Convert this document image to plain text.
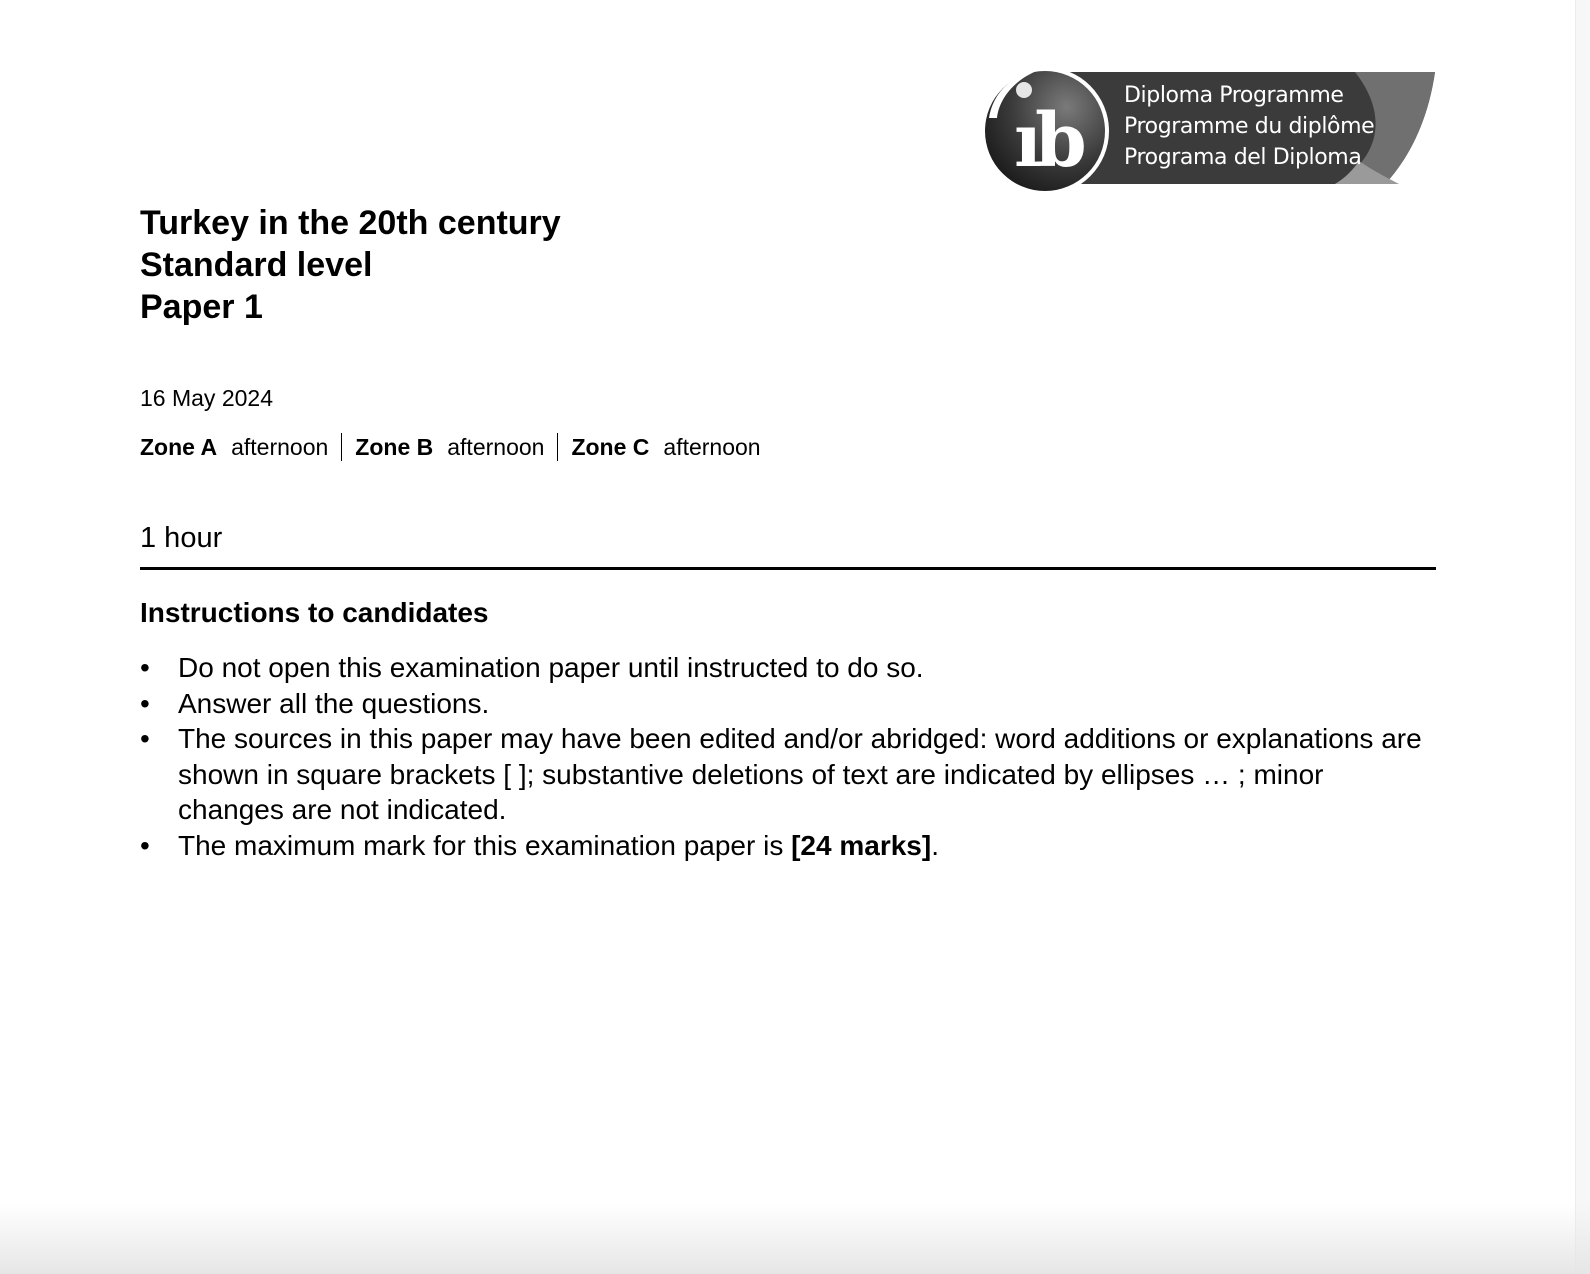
ı
b
Diploma Programme
Programme du diplôme
Programa del Diploma
Turkey in the 20th century
Standard level
Paper 1
16 May 2024
Zone A afternoon Zone B afternoon Zone C afternoon
1 hour
Instructions to candidates
•	Do not open this examination paper until instructed to do so.
•	Answer all the questions.
•	The sources in this paper may have been edited and/or abridged: word additions or explanations are shown in square brackets [ ]; substantive deletions of text are indicated by ellipses … ; minor changes are not indicated.
•	The maximum mark for this examination paper is [24 marks].
